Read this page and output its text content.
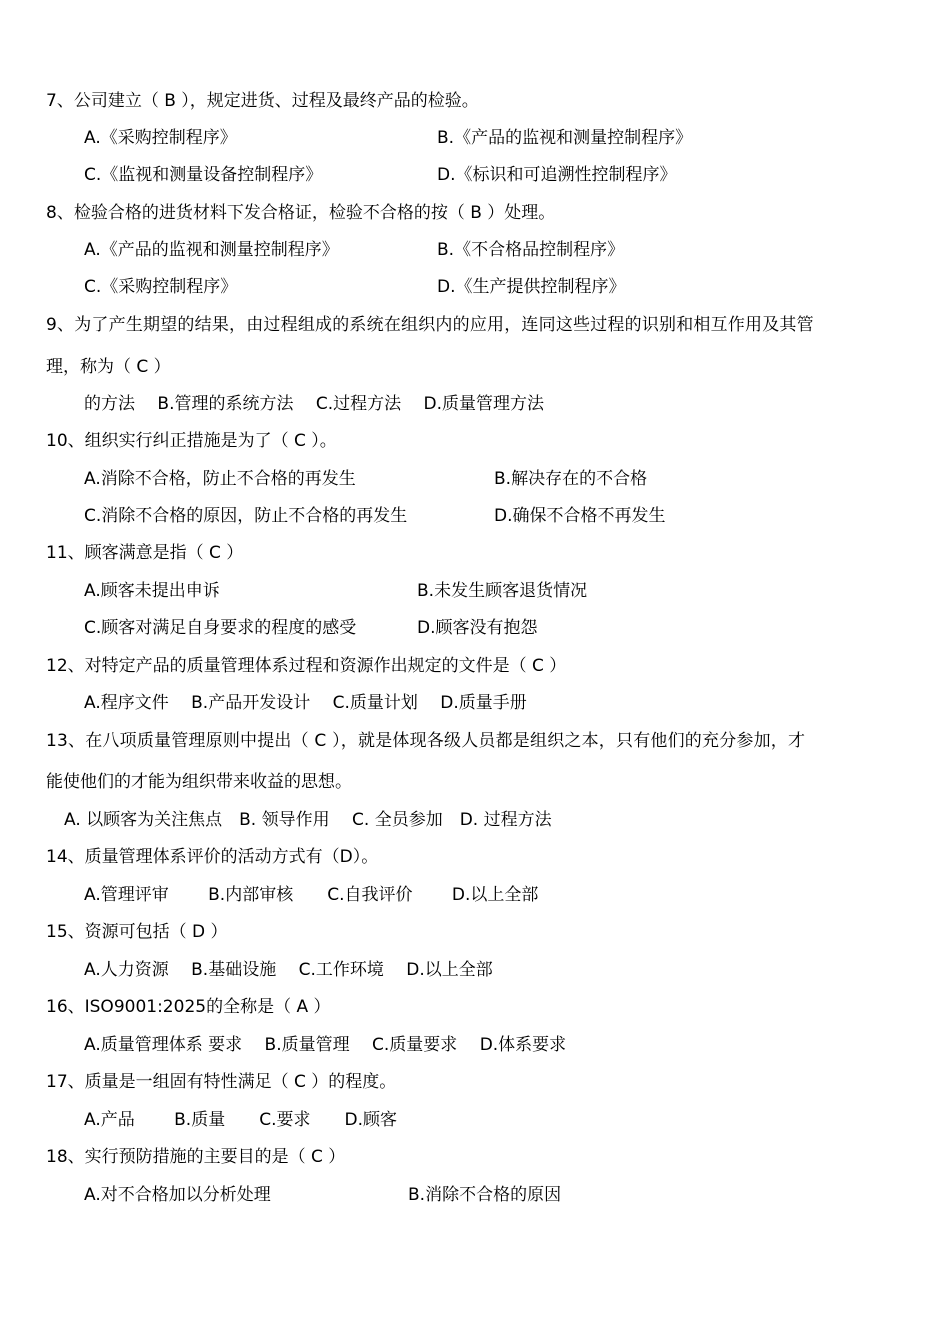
7、公司建立（ B ），规定进货、过程及最终产品的检验。
A.《采购控制程序》	B.《产品的监视和测量控制程序》
C.《监视和测量设备控制程序》	D.《标识和可追溯性控制程序》
8、检验合格的进货材料下发合格证，检验不合格的按（ B ）处理。
A.《产品的监视和测量控制程序》	B.《不合格品控制程序》
C.《采购控制程序》	D.《生产提供控制程序》
9、为了产生期望的结果，由过程组成的系统在组织内的应用，连同这些过程的识别和相互作用及其管
理，称为（ C ）
的方法　 B.管理的系统方法　 C.过程方法　 D.质量管理方法
10、组织实行纠正措施是为了（ C ）。
A.消除不合格，防止不合格的再发生	B.解决存在的不合格
C.消除不合格的原因，防止不合格的再发生	D.确保不合格不再发生
11、顾客满意是指（ C ）
A.顾客未提出申诉	B.未发生顾客退货情况
C.顾客对满足自身要求的程度的感受	D.顾客没有抱怨
12、对特定产品的质量管理体系过程和资源作出规定的文件是（ C ）
A.程序文件　 B.产品开发设计　 C.质量计划　 D.质量手册
13、在八项质量管理原则中提出（ C ），就是体现各级人员都是组织之本，只有他们的充分参加，才
能使他们的才能为组织带来收益的思想。
A. 以顾客为关注焦点　B. 领导作用　 C. 全员参加　D. 过程方法
14、质量管理体系评价的活动方式有（D）。
A.管理评审　　 B.内部审核　　C.自我评价　　 D.以上全部
15、资源可包括（ D ）
A.人力资源　 B.基础设施　 C.工作环境　 D.以上全部
16、ISO9001:2025的全称是（ A ）
A.质量管理体系 要求　 B.质量管理　 C.质量要求　 D.体系要求
17、质量是一组固有特性满足（ C ）的程度。
A.产品　　 B.质量　　C.要求　　D.顾客
18、实行预防措施的主要目的是（ C ）
A.对不合格加以分析处理	B.消除不合格的原因
